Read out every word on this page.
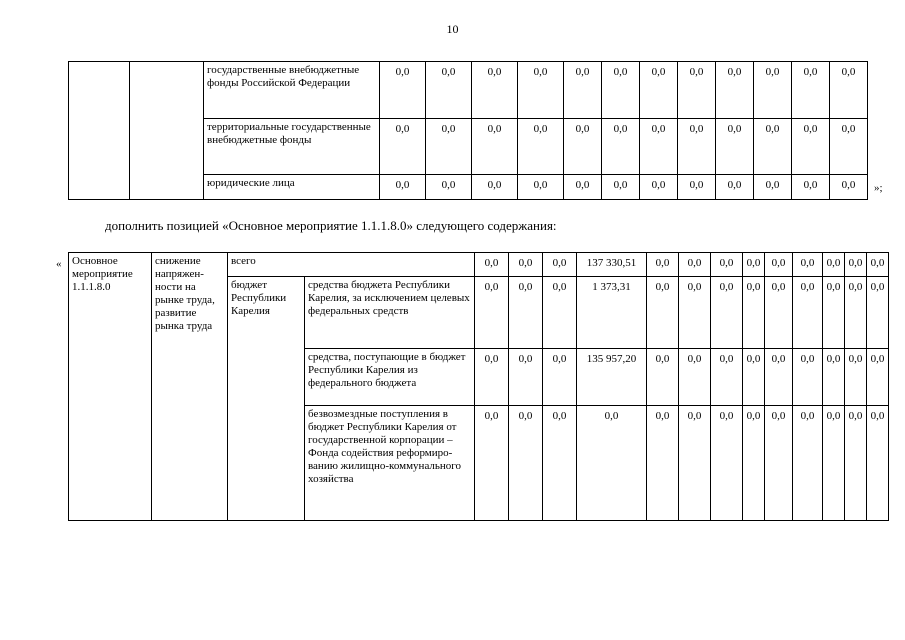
10
		государственные внебюджетные фонды Российской Федерации	0,0	0,0	0,0	0,0	0,0	0,0	0,0	0,0	0,0	0,0	0,0	0,0
		территориальные государственные внебюджетные фонды	0,0	0,0	0,0	0,0	0,0	0,0	0,0	0,0	0,0	0,0	0,0	0,0
		юридические лица	0,0	0,0	0,0	0,0	0,0	0,0	0,0	0,0	0,0	0,0	0,0	0,0 »;
дополнить позицией «Основное мероприятие 1.1.1.8.0» следующего содержания:
« Основное мероприятие 1.1.1.8.0	снижение напряжен-ности на рынке труда, развитие рынка труда	всего		0,0	0,0	0,0	137 330,51	0,0	0,0	0,0	0,0	0,0	0,0	0,0	0,0	0,0
		бюджет Республики Карелия	средства бюджета Республики Карелия, за исключением целевых федеральных средств	0,0	0,0	0,0	1 373,31	0,0	0,0	0,0	0,0	0,0	0,0	0,0	0,0	0,0
			средства, поступающие в бюджет Республики Карелия из федерального бюджета	0,0	0,0	0,0	135 957,20	0,0	0,0	0,0	0,0	0,0	0,0	0,0	0,0	0,0
			безвозмездные поступления в бюджет Республики Карелия от государственной корпорации – Фонда содействия реформиро-ванию жилищно-коммунального хозяйства	0,0	0,0	0,0	0,0	0,0	0,0	0,0	0,0	0,0	0,0	0,0	0,0	0,0
